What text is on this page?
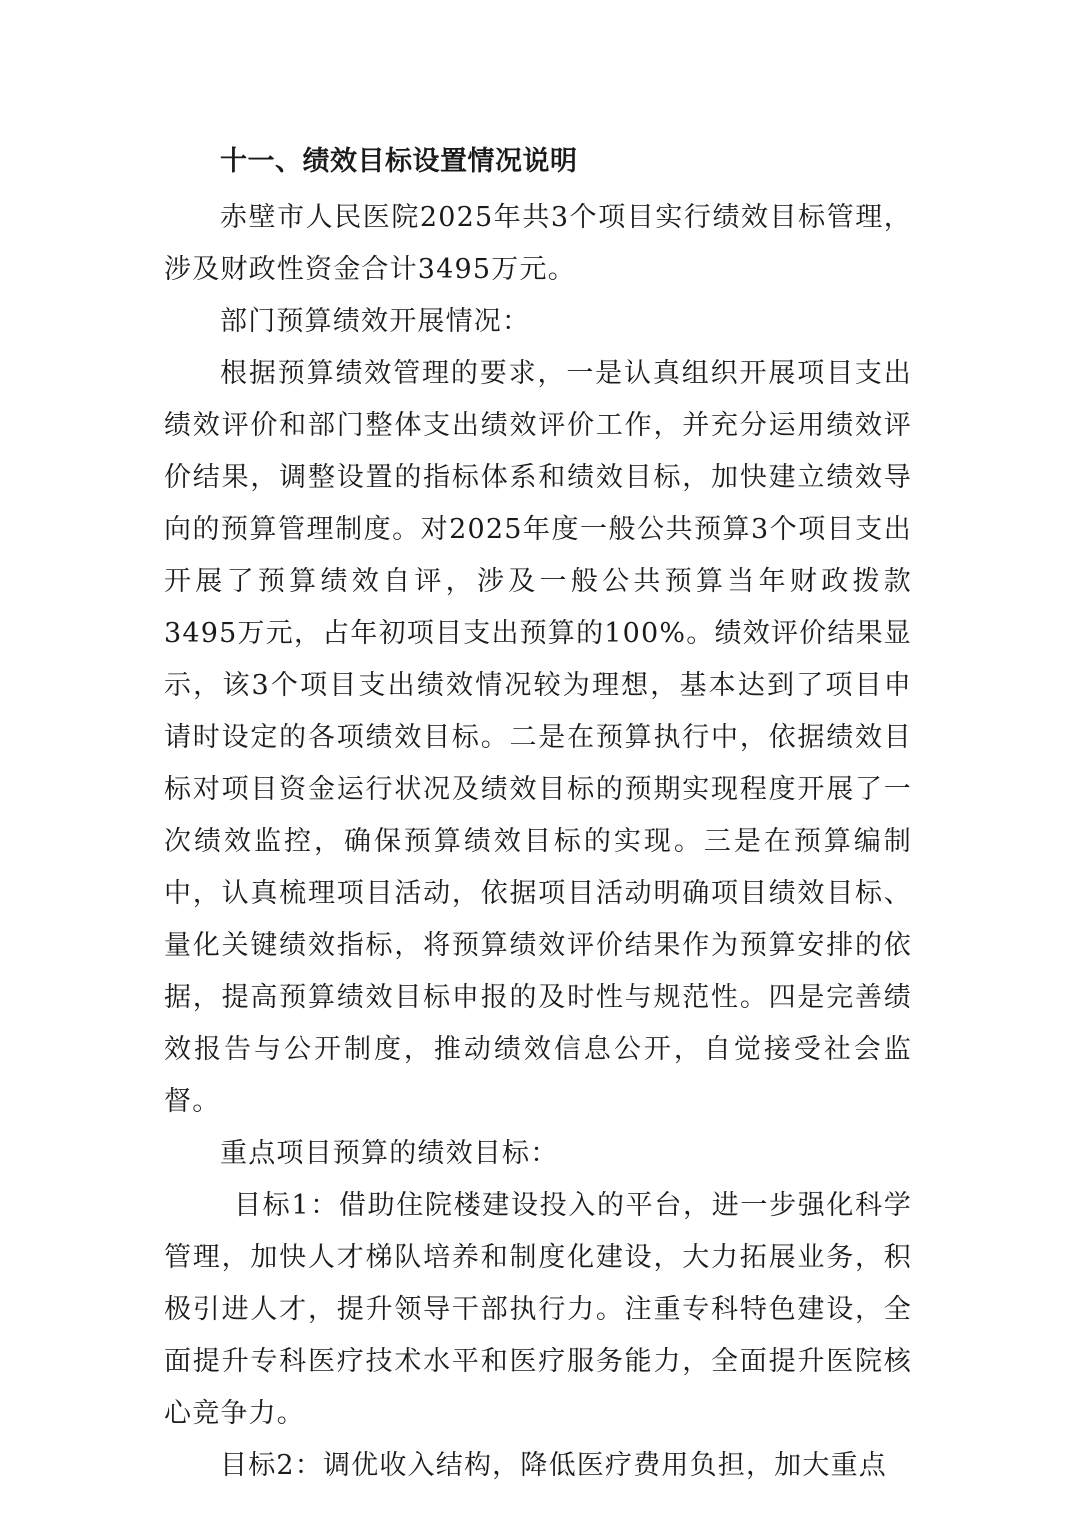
十一、绩效目标设置情况说明

赤壁市人民医院2025年共3个项目实行绩效目标管理，涉及财政性资金合计3495万元。

部门预算绩效开展情况：

根据预算绩效管理的要求，一是认真组织开展项目支出绩效评价和部门整体支出绩效评价工作，并充分运用绩效评价结果，调整设置的指标体系和绩效目标，加快建立绩效导向的预算管理制度。对2025年度一般公共预算3个项目支出开展了预算绩效自评，涉及一般公共预算当年财政拨款3495万元，占年初项目支出预算的100%。绩效评价结果显示，该3个项目支出绩效情况较为理想，基本达到了项目申请时设定的各项绩效目标。二是在预算执行中，依据绩效目标对项目资金运行状况及绩效目标的预期实现程度开展了一次绩效监控，确保预算绩效目标的实现。三是在预算编制中，认真梳理项目活动，依据项目活动明确项目绩效目标、量化关键绩效指标，将预算绩效评价结果作为预算安排的依据，提高预算绩效目标申报的及时性与规范性。四是完善绩效报告与公开制度，推动绩效信息公开，自觉接受社会监督。

重点项目预算的绩效目标：

目标1：借助住院楼建设投入的平台，进一步强化科学管理，加快人才梯队培养和制度化建设，大力拓展业务，积极引进人才，提升领导干部执行力。注重专科特色建设，全面提升专科医疗技术水平和医疗服务能力，全面提升医院核心竞争力。

目标2：调优收入结构，降低医疗费用负担，加大重点
